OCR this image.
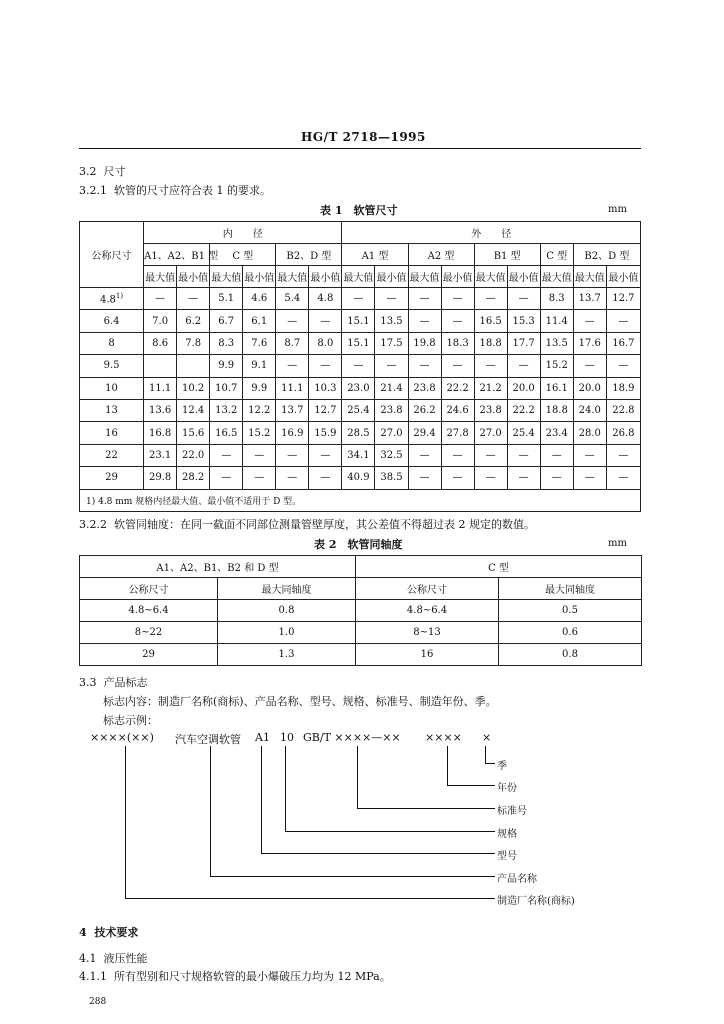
HG/T 2718—1995
3.2 尺寸
3.2.1 软管的尺寸应符合表 1 的要求。
表 1　软管尺寸	mm
公称尺寸	内　　径						外　　径								
	A1、A2、B1 型		C 型		B2、D 型		A1 型		A2 型		B1 型		C 型	B2、D 型	
	最大值	最小值	最大值	最小值	最大值	最小值	最大值	最小值	最大值	最小值	最大值	最小值	最大值	最大值	最小值
4.8$^{1)}$	—	—	5.1	4.6	5.4	4.8	—	—	—	—	—	—	8.3	13.7	12.7
6.4	7.0	6.2	6.7	6.1	—	—	15.1	13.5	—	—	16.5	15.3	11.4	—	—
8	8.6	7.8	8.3	7.6	8.7	8.0	15.1	17.5	19.8	18.3	18.8	17.7	13.5	17.6	16.7
9.5			9.9	9.1	—	—	—	—	—	—	—	—	15.2	—	—
10	11.1	10.2	10.7	9.9	11.1	10.3	23.0	21.4	23.8	22.2	21.2	20.0	16.1	20.0	18.9
13	13.6	12.4	13.2	12.2	13.7	12.7	25.4	23.8	26.2	24.6	23.8	22.2	18.8	24.0	22.8
16	16.8	15.6	16.5	15.2	16.9	15.9	28.5	27.0	29.4	27.8	27.0	25.4	23.4	28.0	26.8
22	23.1	22.0	—	—	—	—	34.1	32.5	—	—	—	—	—	—	—
29	29.8	28.2	—	—	—	—	40.9	38.5	—	—	—	—	—	—	—
1) 4.8 mm 规格内径最大值、最小值不适用于 D 型。															
3.2.2 软管同轴度：在同一截面不同部位测量管壁厚度，其公差值不得超过表 2 规定的数值。
表 2　软管同轴度	mm
A1、A2、B1、B2 和 D 型		C 型	
公称尺寸	最大同轴度	公称尺寸	最大同轴度
4.8~6.4	0.8	4.8~6.4	0.5
8~22	1.0	8~13	0.6
29	1.3	16	0.8
3.3 产品标志
标志内容：制造厂名称(商标)、产品名称、型号、规格、标准号、制造年份、季。
标志示例：
××××(××) 汽车空调软管 A1 10 GB/T ××××—×× ×××× ×
季
年份
标准号
规格
型号
产品名称
制造厂名称(商标)
4 技术要求
4.1 液压性能
4.1.1 所有型别和尺寸规格软管的最小爆破压力均为 12 MPa。
288
